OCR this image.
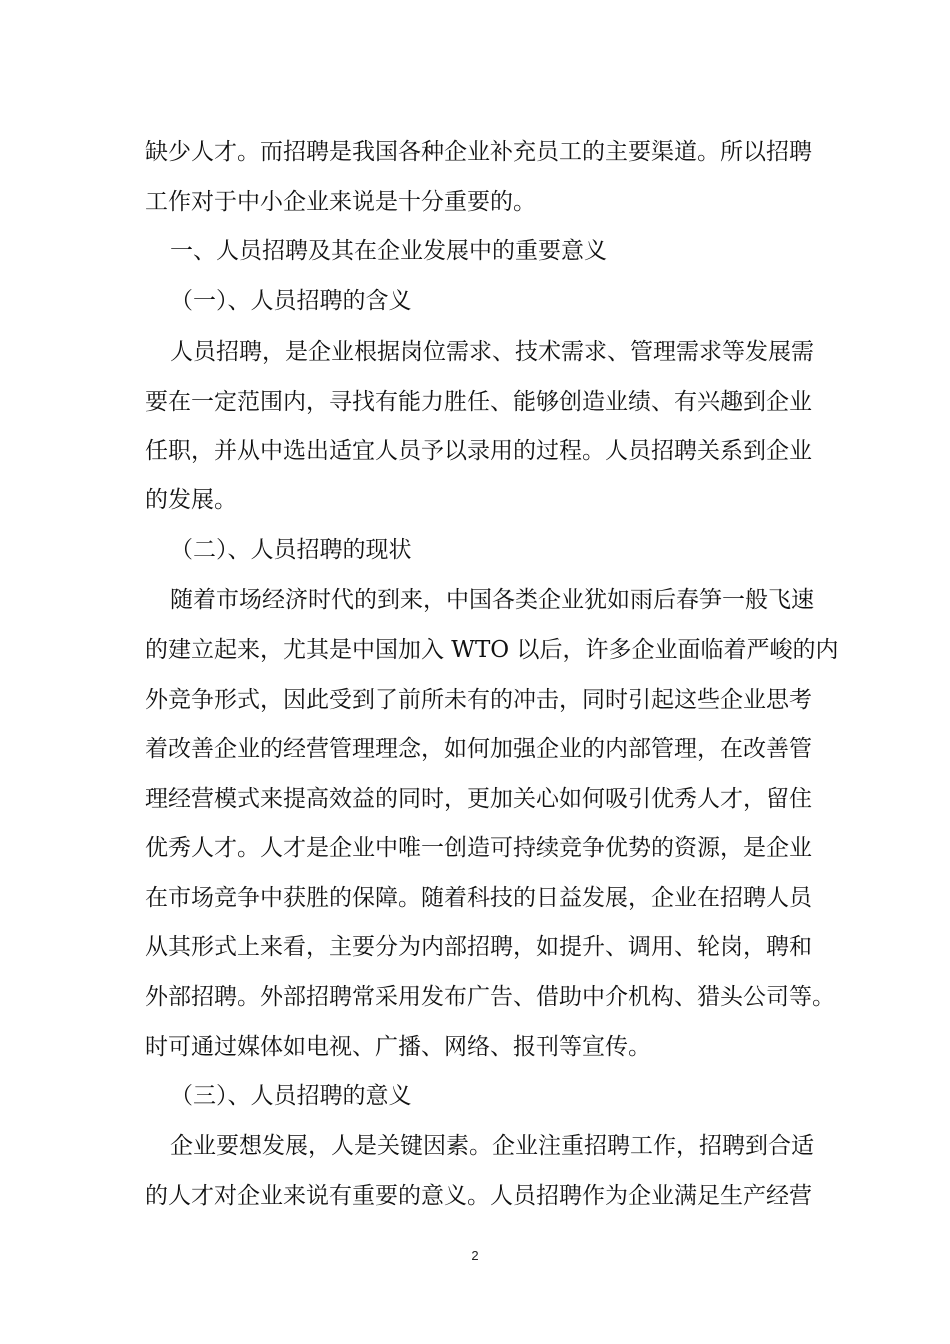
缺少人才。而招聘是我国各种企业补充员工的主要渠道。所以招聘
工作对于中小企业来说是十分重要的。
一、人员招聘及其在企业发展中的重要意义
（一）、人员招聘的含义
人员招聘，是企业根据岗位需求、技术需求、管理需求等发展需
要在一定范围内，寻找有能力胜任、能够创造业绩、有兴趣到企业
任职，并从中选出适宜人员予以录用的过程。人员招聘关系到企业
的发展。
（二）、人员招聘的现状
随着市场经济时代的到来，中国各类企业犹如雨后春笋一般飞速
的建立起来，尤其是中国加入 WTO 以后，许多企业面临着严峻的内
外竞争形式，因此受到了前所未有的冲击，同时引起这些企业思考
着改善企业的经营管理理念，如何加强企业的内部管理，在改善管
理经营模式来提高效益的同时，更加关心如何吸引优秀人才，留住
优秀人才。人才是企业中唯一创造可持续竞争优势的资源，是企业
在市场竞争中获胜的保障。随着科技的日益发展，企业在招聘人员
从其形式上来看，主要分为内部招聘，如提升、调用、轮岗，聘和
外部招聘。外部招聘常采用发布广告、借助中介机构、猎头公司等。
时可通过媒体如电视、广播、网络、报刊等宣传。
（三）、人员招聘的意义
企业要想发展，人是关键因素。企业注重招聘工作，招聘到合适
的人才对企业来说有重要的意义。人员招聘作为企业满足生产经营
2
